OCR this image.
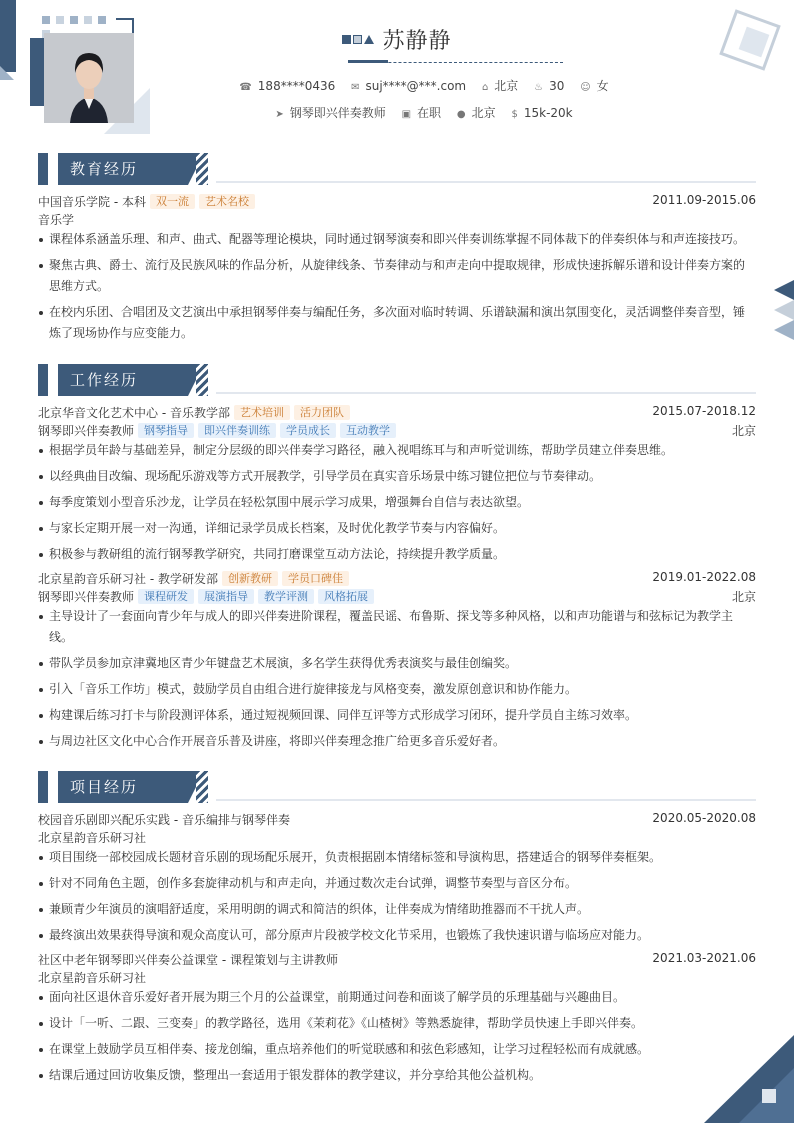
苏静静
☎ 188****0436 ✉ suj****@***.com ⌂ 北京 ♨ 30 ☺ 女
➤ 钢琴即兴伴奏教师 ▣ 在职 ● 北京 $ 15k-20k
教育经历
中国音乐学院 - 本科 双一流 艺术名校	2011.09-2015.06
音乐学
课程体系涵盖乐理、和声、曲式、配器等理论模块，同时通过钢琴演奏和即兴伴奏训练掌握不同体裁下的伴奏织体与和声连接技巧。
聚焦古典、爵士、流行及民族风味的作品分析，从旋律线条、节奏律动与和声走向中提取规律，形成快速拆解乐谱和设计伴奏方案的思维方式。
在校内乐团、合唱团及文艺演出中承担钢琴伴奏与编配任务，多次面对临时转调、乐谱缺漏和演出氛围变化，灵活调整伴奏音型，锤炼了现场协作与应变能力。
工作经历
北京华音文化艺术中心 - 音乐教学部 艺术培训 活力团队	2015.07-2018.12
钢琴即兴伴奏教师 钢琴指导 即兴伴奏训练 学员成长 互动教学	北京
根据学员年龄与基础差异，制定分层级的即兴伴奏学习路径，融入视唱练耳与和声听觉训练，帮助学员建立伴奏思维。
以经典曲目改编、现场配乐游戏等方式开展教学，引导学员在真实音乐场景中练习键位把位与节奏律动。
每季度策划小型音乐沙龙，让学员在轻松氛围中展示学习成果，增强舞台自信与表达欲望。
与家长定期开展一对一沟通，详细记录学员成长档案，及时优化教学节奏与内容偏好。
积极参与教研组的流行钢琴教学研究，共同打磨课堂互动方法论，持续提升教学质量。
北京星韵音乐研习社 - 教学研发部 创新教研 学员口碑佳	2019.01-2022.08
钢琴即兴伴奏教师 课程研发 展演指导 教学评测 风格拓展	北京
主导设计了一套面向青少年与成人的即兴伴奏进阶课程，覆盖民谣、布鲁斯、探戈等多种风格，以和声功能谱与和弦标记为教学主线。
带队学员参加京津冀地区青少年键盘艺术展演，多名学生获得优秀表演奖与最佳创编奖。
引入「音乐工作坊」模式，鼓励学员自由组合进行旋律接龙与风格变奏，激发原创意识和协作能力。
构建课后练习打卡与阶段测评体系，通过短视频回课、同伴互评等方式形成学习闭环，提升学员自主练习效率。
与周边社区文化中心合作开展音乐普及讲座，将即兴伴奏理念推广给更多音乐爱好者。
项目经历
校园音乐剧即兴配乐实践 - 音乐编排与钢琴伴奏	2020.05-2020.08
北京星韵音乐研习社
项目围绕一部校园成长题材音乐剧的现场配乐展开，负责根据剧本情绪标签和导演构思，搭建适合的钢琴伴奏框架。
针对不同角色主题，创作多套旋律动机与和声走向，并通过数次走台试弹，调整节奏型与音区分布。
兼顾青少年演员的演唱舒适度，采用明朗的调式和简洁的织体，让伴奏成为情绪助推器而不干扰人声。
最终演出效果获得导演和观众高度认可，部分原声片段被学校文化节采用，也锻炼了我快速识谱与临场应对能力。
社区中老年钢琴即兴伴奏公益课堂 - 课程策划与主讲教师	2021.03-2021.06
北京星韵音乐研习社
面向社区退休音乐爱好者开展为期三个月的公益课堂，前期通过问卷和面谈了解学员的乐理基础与兴趣曲目。
设计「一听、二跟、三变奏」的教学路径，选用《茉莉花》《山楂树》等熟悉旋律，帮助学员快速上手即兴伴奏。
在课堂上鼓励学员互相伴奏、接龙创编，重点培养他们的听觉联感和和弦色彩感知，让学习过程轻松而有成就感。
结课后通过回访收集反馈，整理出一套适用于银发群体的教学建议，并分享给其他公益机构。
